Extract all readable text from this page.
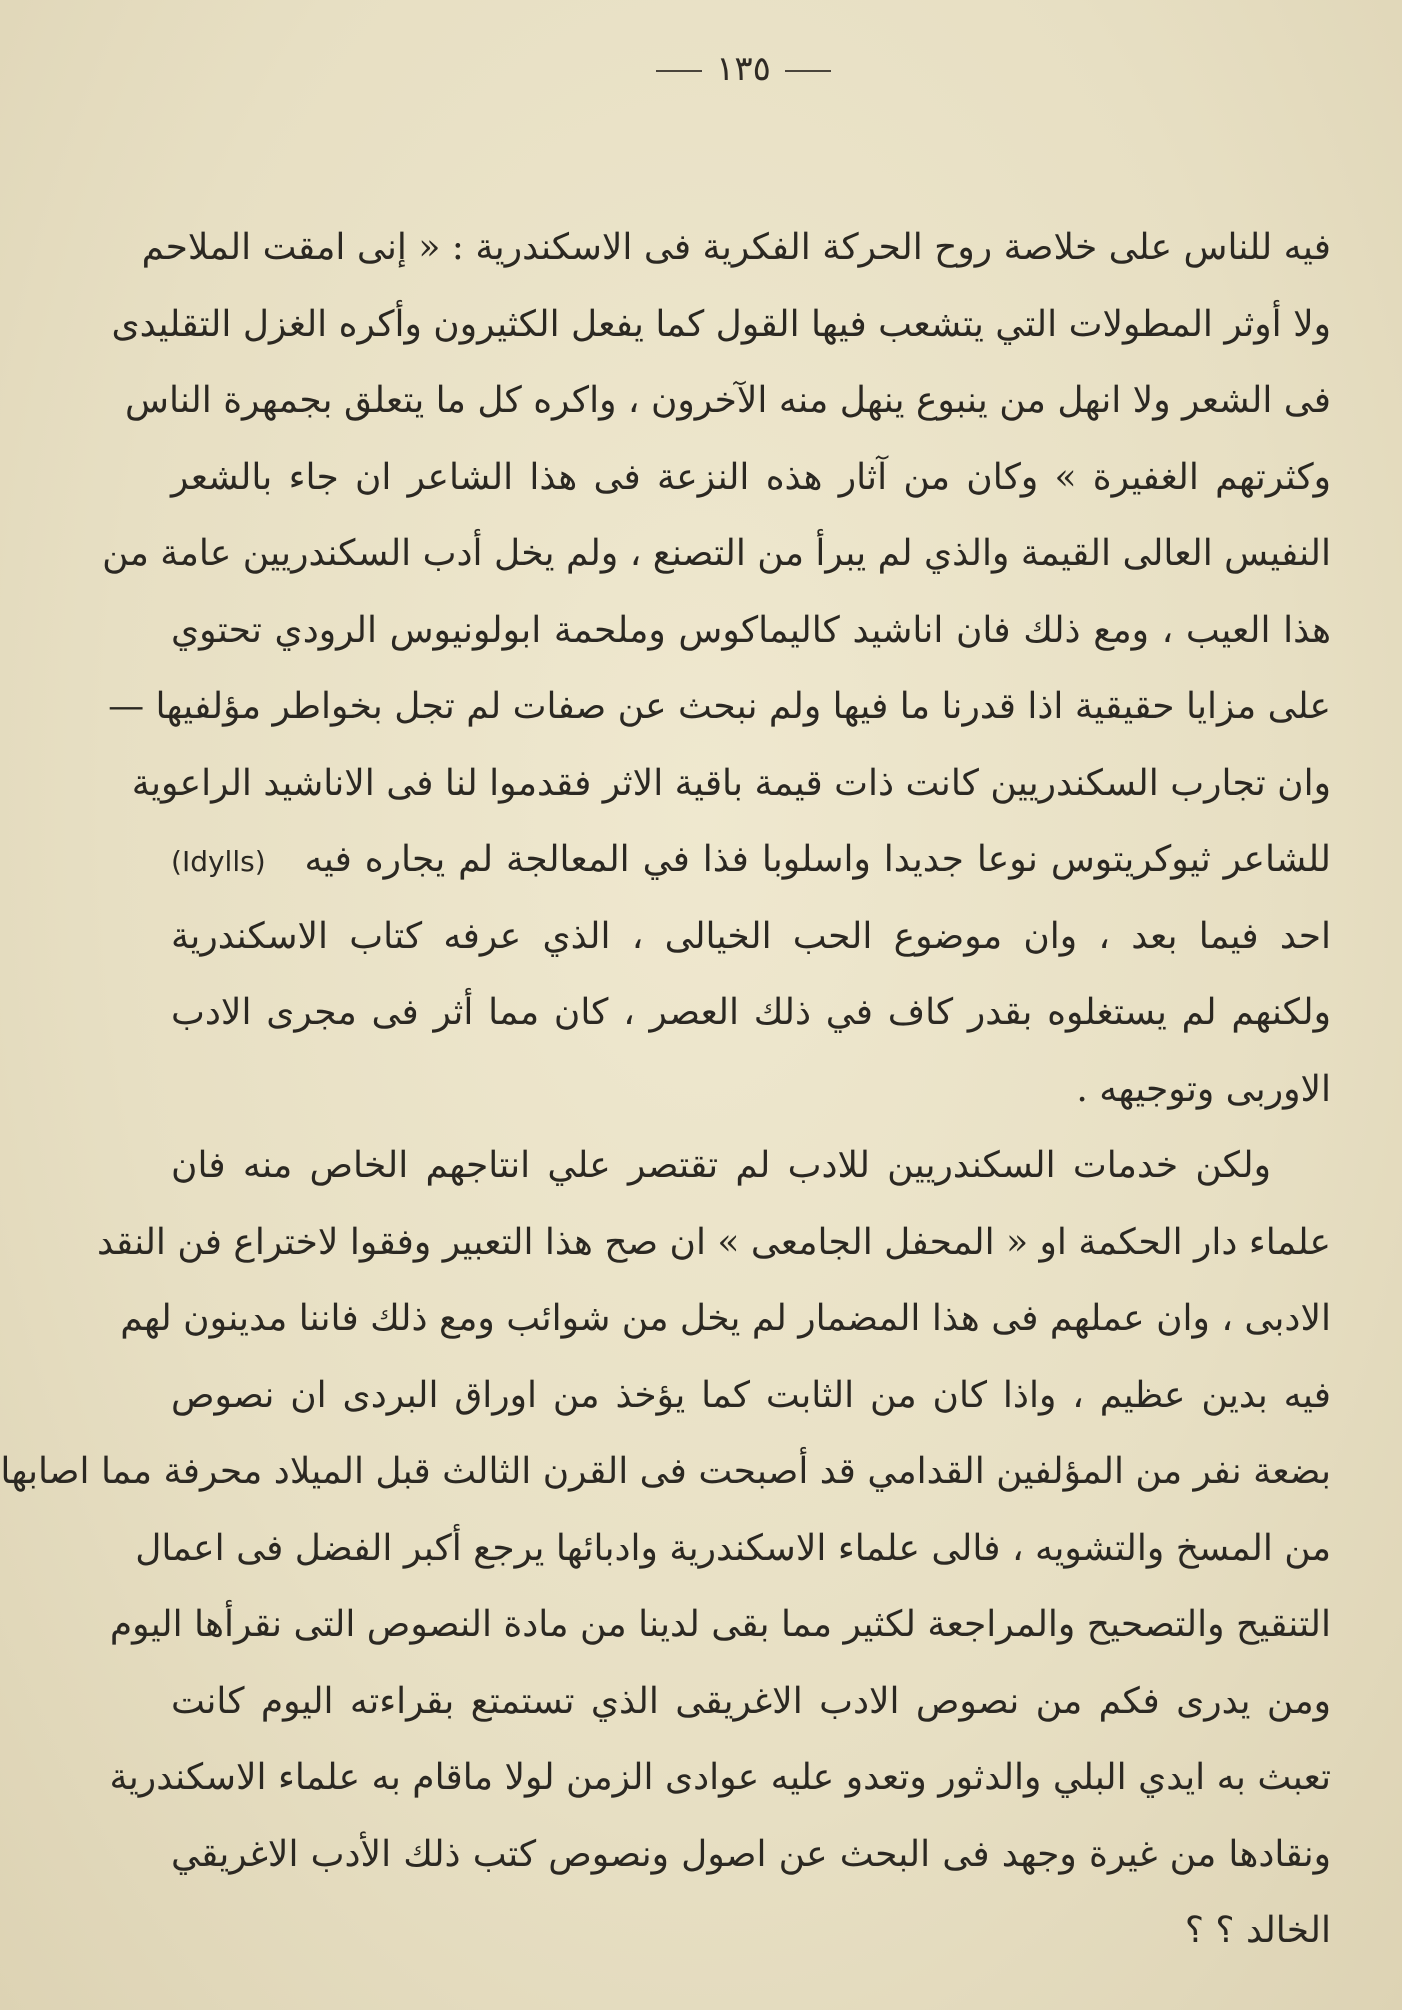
١٣٥
فيه للناس على خلاصة روح الحركة الفكرية فى الاسكندرية : « إنى امقت الملاحم
ولا أوثر المطولات التي يتشعب فيها القول كما يفعل الكثيرون وأكره الغزل التقليدى
فى الشعر ولا انهل من ينبوع ينهل منه الآخرون ، واكره كل ما يتعلق بجمهرة الناس
وكثرتهم الغفيرة » وكان من آثار هذه النزعة فى هذا الشاعر ان جاء بالشعر
النفيس العالى القيمة والذي لم يبرأ من التصنع ، ولم يخل أدب السكندريين عامة من
هذا العيب ، ومع ذلك فان اناشيد كاليماكوس وملحمة ابولونيوس الرودي تحتوي
على مزايا حقيقية اذا قدرنا ما فيها ولم نبحث عن صفات لم تجل بخواطر مؤلفيها —
وان تجارب السكندريين كانت ذات قيمة باقية الاثر فقدموا لنا فى الاناشيد الراعوية
للشاعر ثيوكريتوس نوعا جديدا واسلوبا فذا في المعالجة لم يجاره فيه   (Idylls)
احد فيما بعد ، وان موضوع الحب الخيالى ، الذي عرفه كتاب الاسكندرية
ولكنهم لم يستغلوه بقدر كاف في ذلك العصر ، كان مما أثر فى مجرى الادب
الاوربى وتوجيهه .
ولكن خدمات السكندريين للادب لم تقتصر علي انتاجهم الخاص منه فان
علماء دار الحكمة او « المحفل الجامعى » ان صح هذا التعبير وفقوا لاختراع فن النقد
الادبى ، وان عملهم فى هذا المضمار لم يخل من شوائب ومع ذلك فاننا مدينون لهم
فيه بدين عظيم ، واذا كان من الثابت كما يؤخذ من اوراق البردى ان نصوص
بضعة نفر من المؤلفين القدامي قد أصبحت فى القرن الثالث قبل الميلاد محرفة مما اصابها
من المسخ والتشويه ، فالى علماء الاسكندرية وادبائها يرجع أكبر الفضل فى اعمال
التنقيح والتصحيح والمراجعة لكثير مما بقى لدينا من مادة النصوص التى نقرأها اليوم
ومن يدرى فكم من نصوص الادب الاغريقى الذي تستمتع بقراءته اليوم كانت
تعبث به ايدي البلي والدثور وتعدو عليه عوادى الزمن لولا ماقام به علماء الاسكندرية
ونقادها من غيرة وجهد فى البحث عن اصول ونصوص كتب ذلك الأدب الاغريقي
الخالد ؟ ؟
